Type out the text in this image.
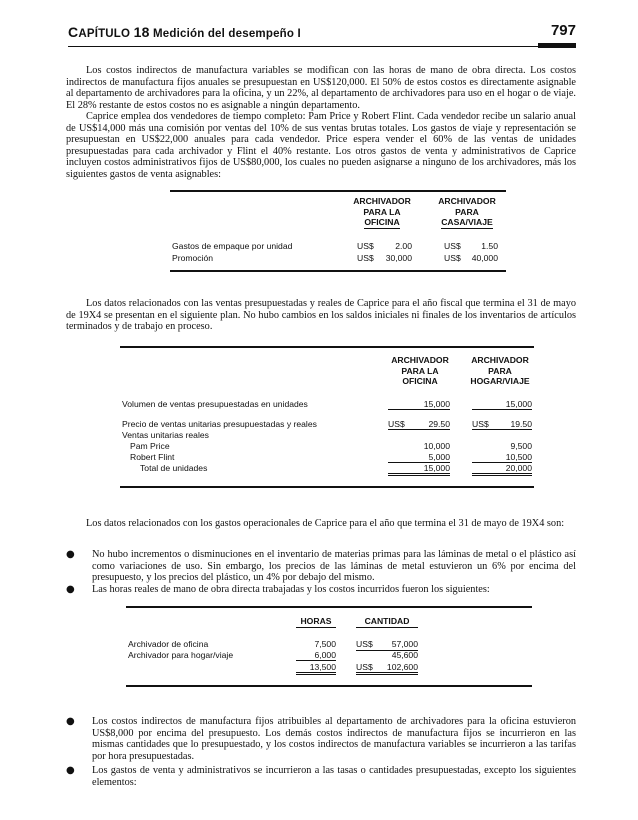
CAPÍTULO 18 Medición del desempeño I	797

Los costos indirectos de manufactura variables se modifican con las horas de mano de obra directa. Los costos indirectos de manufactura fijos anuales se presupuestan en US$120,000. El 50% de estos costos es directamente asignable al departamento de archivadores para la oficina, y un 22%, al departamento de archivadores para uso en el hogar o de viaje. El 28% restante de estos costos no es asignable a ningún departamento.

Caprice emplea dos vendedores de tiempo completo: Pam Price y Robert Flint. Cada vendedor recibe un salario anual de US$14,000 más una comisión por ventas del 10% de sus ventas brutas totales. Los gastos de viaje y representación se presupuestan en US$22,000 anuales para cada vendedor. Price espera vender el 60% de las ventas de unidades presupuestadas para cada archivador y Flint el 40% restante. Los otros gastos de venta y administrativos de Caprice incluyen costos administrativos fijos de US$80,000, los cuales no pueden asignarse a ninguno de los archivadores, más los siguientes gastos de venta asignables:

ARCHIVADOR
PARA LA
OFICINA
ARCHIVADOR
PARA
CASA/VIAJE
Gastos de empaque por unidad	US$	2.00	US$	1.50
Promoción	US$	30,000	US$	40,000

Los datos relacionados con las ventas presupuestadas y reales de Caprice para el año fiscal que termina el 31 de mayo de 19X4 se presentan en el siguiente plan. No hubo cambios en los saldos iniciales ni finales de los inventarios de artículos terminados y de trabajo en proceso.

ARCHIVADOR
PARA LA
OFICINA
ARCHIVADOR
PARA
HOGAR/VIAJE
Volumen de ventas presupuestadas en unidades	15,000	15,000
Precio de ventas unitarias presupuestadas y reales	US$	29.50	US$	19.50
Ventas unitarias reales
Pam Price	10,000	9,500
Robert Flint	5,000	10,500
Total de unidades	15,000	20,000

Los datos relacionados con los gastos operacionales de Caprice para el año que termina el 31 de mayo de 19X4 son:

●	No hubo incrementos o disminuciones en el inventario de materias primas para las láminas de metal o el plástico así como variaciones de uso. Sin embargo, los precios de las láminas de metal estuvieron un 6% por encima del presupuesto, y los precios del plástico, un 4% por debajo del mismo.

●	Las horas reales de mano de obra directa trabajadas y los costos incurridos fueron los siguientes:

HORAS	CANTIDAD
Archivador de oficina	7,500 US$ 57,000
Archivador para hogar/viaje	6,000	45,600
13,500 US$ 102,600
●	Los costos indirectos de manufactura fijos atribuibles al departamento de archivadores para la oficina estuvieron US$8,000 por encima del presupuesto. Los demás costos indirectos de manufactura fijos se incurrieron en las mismas cantidades que lo presupuestado, y los costos indirectos de manufactura variables se incurrieron a las tarifas por hora presupuestadas.

●	Los gastos de venta y administrativos se incurrieron a las tasas o cantidades presupuestadas, excepto los siguientes elementos:
